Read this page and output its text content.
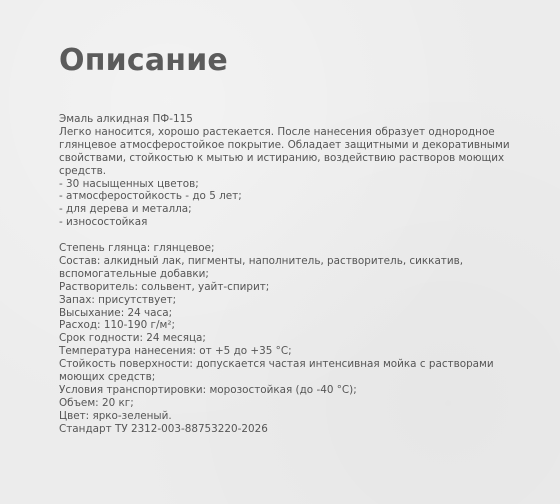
Описание
Эмаль алкидная ПФ-115
Легко наносится, хорошо растекается. После нанесения образует однородное
глянцевое атмосферостойкое покрытие. Обладает защитными и декоративными
свойствами, стойкостью к мытью и истиранию, воздействию растворов моющих
средств.
- 30 насыщенных цветов;
- атмосферостойкость - до 5 лет;
- для дерева и металла;
- износостойкая
Степень глянца: глянцевое;
Состав: алкидный лак, пигменты, наполнитель, растворитель, сиккатив,
вспомогательные добавки;
Растворитель: сольвент, уайт-спирит;
Запах: присутствует;
Высыхание: 24 часа;
Расход: 110-190 г/м²;
Срок годности: 24 месяца;
Температура нанесения: от +5 до +35 °С;
Стойкость поверхности: допускается частая интенсивная мойка с растворами
моющих средств;
Условия транспортировки: морозостойкая (до -40 °С);
Объем: 20 кг;
Цвет: ярко-зеленый.
Стандарт ТУ 2312-003-88753220-2026
